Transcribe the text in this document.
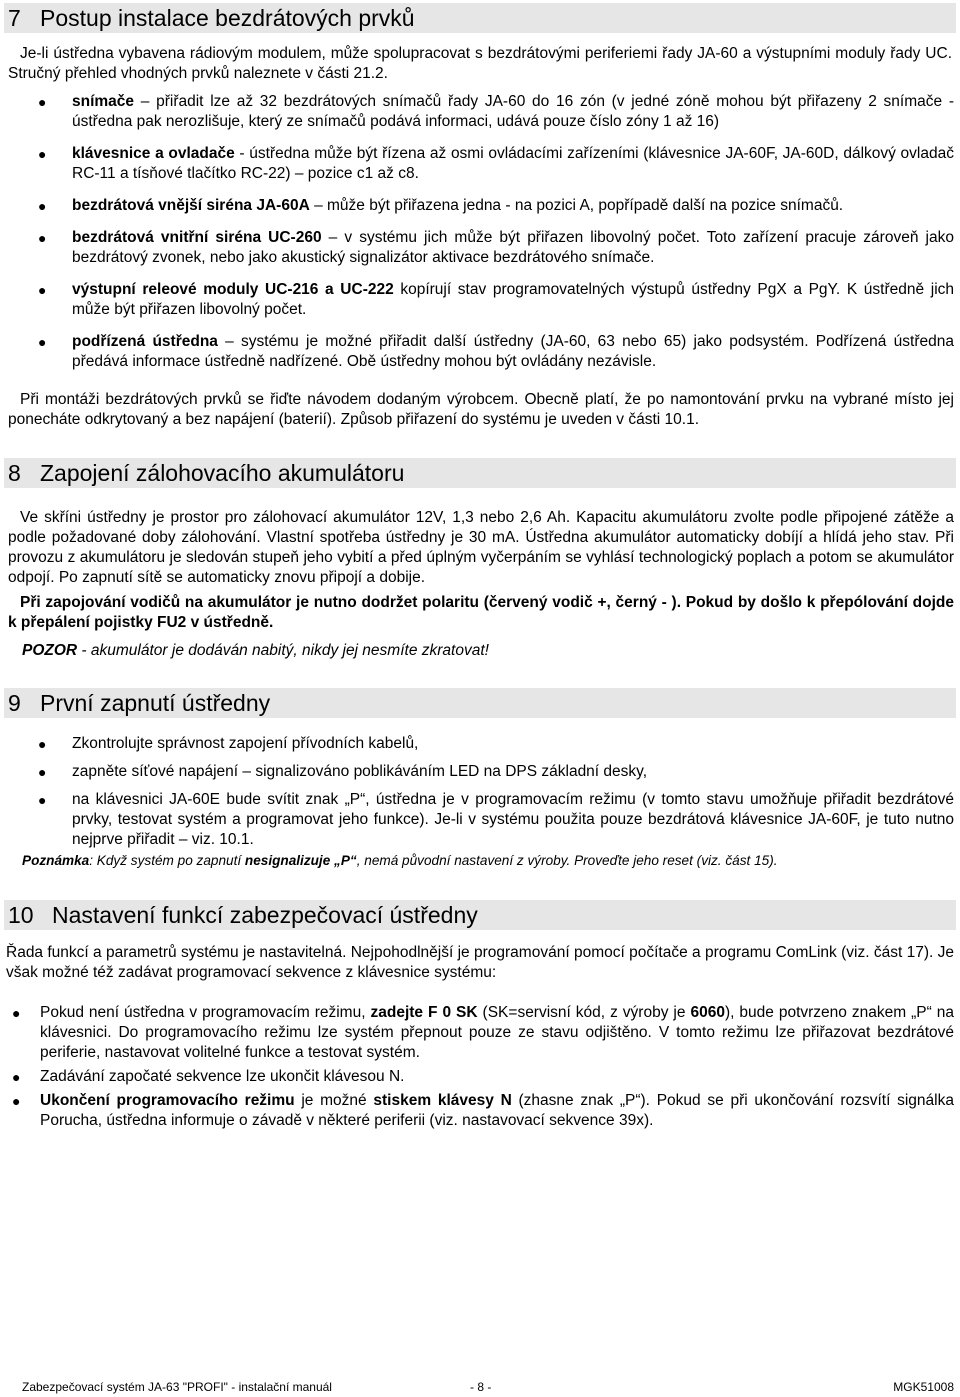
7 Postup instalace bezdrátových prvků
Je-li ústředna vybavena rádiovým modulem, může spolupracovat s bezdrátovými periferiemi řady JA-60 a výstupními moduly řady UC. Stručný přehled vhodných prvků naleznete v části 21.2.
● snímače – přiřadit lze až 32 bezdrátových snímačů řady JA-60 do 16 zón (v jedné zóně mohou být přiřazeny 2 snímače - ústředna pak nerozlišuje, který ze snímačů podává informaci, udává pouze číslo zóny 1 až 16)
● klávesnice a ovladače - ústředna může být řízena až osmi ovládacími zařízeními (klávesnice JA-60F, JA-60D, dálkový ovladač RC-11 a tísňové tlačítko RC-22) – pozice c1 až c8.
● bezdrátová vnější siréna JA-60A – může být přiřazena jedna - na pozici A, popřípadě další na pozice snímačů.
● bezdrátová vnitřní siréna UC-260 – v systému jich může být přiřazen libovolný počet. Toto zařízení pracuje zároveň jako bezdrátový zvonek, nebo jako akustický signalizátor aktivace bezdrátového snímače.
● výstupní releové moduly UC-216 a UC-222 kopírují stav programovatelných výstupů ústředny PgX a PgY. K ústředně jich může být přiřazen libovolný počet.
● podřízená ústředna – systému je možné přiřadit další ústředny (JA-60, 63 nebo 65) jako podsystém. Podřízená ústředna předává informace ústředně nadřízené. Obě ústředny mohou být ovládány nezávisle.
Při montáži bezdrátových prvků se řiďte návodem dodaným výrobcem. Obecně platí, že po namontování prvku na vybrané místo jej ponecháte odkrytovaný a bez napájení (baterií). Způsob přiřazení do systému je uveden v části 10.1.
8 Zapojení zálohovacího akumulátoru
Ve skříni ústředny je prostor pro zálohovací akumulátor 12V, 1,3 nebo 2,6 Ah. Kapacitu akumulátoru zvolte podle připojené zátěže a podle požadované doby zálohování. Vlastní spotřeba ústředny je 30 mA. Ústředna akumulátor automaticky dobíjí a hlídá jeho stav. Při provozu z akumulátoru je sledován stupeň jeho vybití a před úplným vyčerpáním se vyhlásí technologický poplach a potom se akumulátor odpojí. Po zapnutí sítě se automaticky znovu připojí a dobije.
Při zapojování vodičů na akumulátor je nutno dodržet polaritu (červený vodič +, černý - ). Pokud by došlo k přepólování dojde k přepálení pojistky FU2 v ústředně.
POZOR - akumulátor je dodáván nabitý, nikdy jej nesmíte zkratovat!
9 První zapnutí ústředny
● Zkontrolujte správnost zapojení přívodních kabelů,
● zapněte síťové napájení – signalizováno poblikáváním LED na DPS základní desky,
● na klávesnici JA-60E bude svítit znak „P“, ústředna je v programovacím režimu (v tomto stavu umožňuje přiřadit bezdrátové prvky, testovat systém a programovat jeho funkce). Je-li v systému použita pouze bezdrátová klávesnice JA-60F, je tuto nutno nejprve přiřadit – viz. 10.1.
Poznámka: Když systém po zapnutí nesignalizuje „P“, nemá původní nastavení z výroby. Proveďte jeho reset (viz. část 15).
10 Nastavení funkcí zabezpečovací ústředny
Řada funkcí a parametrů systému je nastavitelná. Nejpohodlnější je programování pomocí počítače a programu ComLink (viz. část 17). Je však možné též zadávat programovací sekvence z klávesnice systému:
● Pokud není ústředna v programovacím režimu, zadejte F 0 SK (SK=servisní kód, z výroby je 6060), bude potvrzeno znakem „P“ na klávesnici. Do programovacího režimu lze systém přepnout pouze ze stavu odjištěno. V tomto režimu lze přiřazovat bezdrátové periferie, nastavovat volitelné funkce a testovat systém.
● Zadávání započaté sekvence lze ukončit klávesou N.
● Ukončení programovacího režimu je možné stiskem klávesy N (zhasne znak „P“). Pokud se při ukončování rozsvítí signálka Porucha, ústředna informuje o závadě v některé periferii (viz. nastavovací sekvence 39x).
Zabezpečovací systém JA-63 "PROFI" - instalační manuál	- 8 -	MGK51008
